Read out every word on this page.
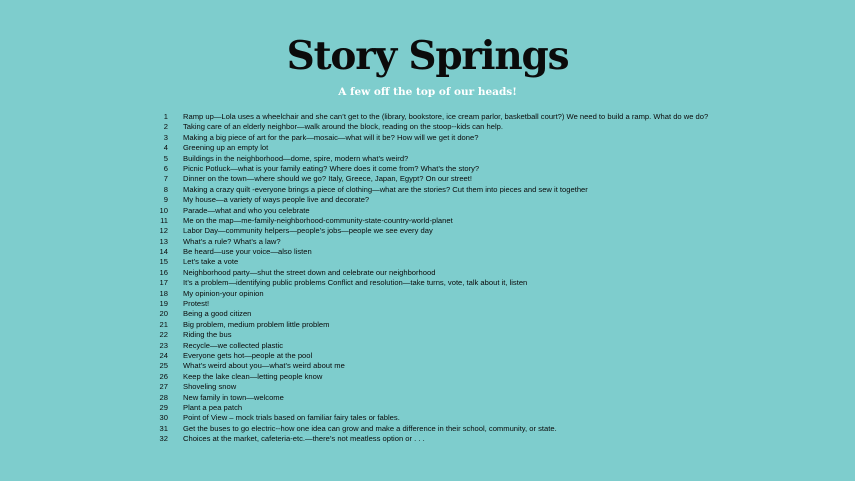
Story Springs
A few off the top of our heads!
1 Ramp up—Lola uses a wheelchair and she can’t get to the (library, bookstore, ice cream parlor, basketball court?) We need to build a ramp. What do we do?
2 Taking care of an elderly neighbor—walk around the block, reading on the stoop--kids can help.
3 Making a big piece of art for the park—mosaic—what will it be? How will we get it done?
4 Greening up an empty lot
5 Buildings in the neighborhood—dome, spire, modern what’s weird?
6 Picnic Potluck—what is your family eating? Where does it come from? What’s the story?
7 Dinner on the town—where should we go? Italy, Greece, Japan, Egypt? On our street!
8 Making a crazy quilt -everyone brings a piece of clothing—what are the stories? Cut them into pieces and sew it together
9 My house—a variety of ways people live and decorate?
10 Parade—what and who you celebrate
11 Me on the map—me-family-neighborhood-community-state-country-world-planet
12 Labor Day—community helpers—people’s jobs—people we see every day
13 What’s a rule? What’s a law?
14 Be heard—use your voice—also listen
15 Let’s take a vote
16 Neighborhood party—shut the street down and celebrate our neighborhood
17 It’s a problem—identifying public problems Conflict and resolution—take turns, vote, talk about it, listen
18 My opinion-your opinion
19 Protest!
20 Being a good citizen
21 Big problem, medium problem little problem
22 Riding the bus
23 Recycle—we collected plastic
24 Everyone gets hot—people at the pool
25 What’s weird about you—what’s weird about me
26 Keep the lake clean—letting people know
27 Shoveling snow
28 New family in town—welcome
29 Plant a pea patch
30 Point of View – mock trials based on familiar fairy tales or fables.
31 Get the buses to go electric--how one idea can grow and make a difference in their school, community, or state.
32 Choices at the market, cafeteria-etc.—there’s not meatless option or . . .
